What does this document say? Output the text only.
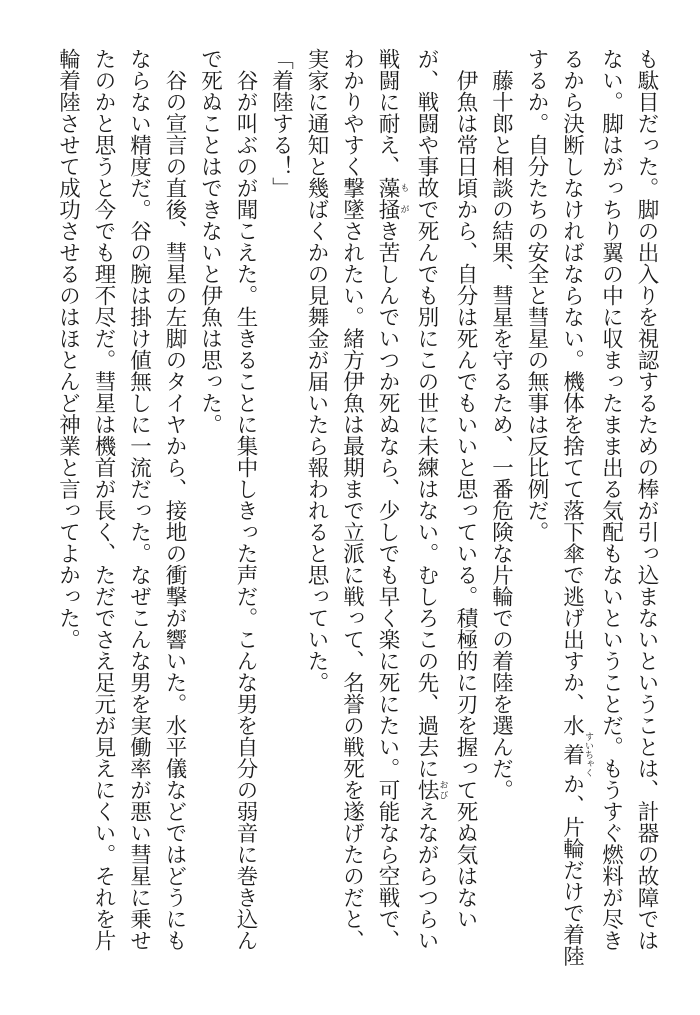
も駄目だった。脚の出入りを視認するための棒が引っ込まないということは、計器の故障では
ない。脚はがっちり翼の中に収まったまま出る気配もないということだ。もうすぐ燃料が尽き
るから決断しなければならない。機体を捨てて落下傘で逃げ出すか、水着すいちゃくか、片輪だけで着陸
するか。自分たちの安全と彗星の無事は反比例だ。
　藤十郎と相談の結果、彗星を守るため、一番危険な片輪での着陸を選んだ。
　伊魚は常日頃から、自分は死んでもいいと思っている。積極的に刃を握って死ぬ気はない
が、戦闘や事故で死んでも別にこの世に未練はない。むしろこの先、過去に怯おびえながらつらい
戦闘に耐え、藻掻もがき苦しんでいつか死ぬなら、少しでも早く楽に死にたい。可能なら空戦で、
わかりやすく撃墜されたい。緒方伊魚は最期まで立派に戦って、名誉の戦死を遂げたのだと、
実家に通知と幾ばくかの見舞金が届いたら報われると思っていた。
「着陸する！」
　谷が叫ぶのが聞こえた。生きることに集中しきった声だ。こんな男を自分の弱音に巻き込ん
で死ぬことはできないと伊魚は思った。
　谷の宣言の直後、彗星の左脚のタイヤから、接地の衝撃が響いた。水平儀などではどうにも
ならない精度だ。谷の腕は掛け値無しに一流だった。なぜこんな男を実働率が悪い彗星に乗せ
たのかと思うと今でも理不尽だ。彗星は機首が長く、ただでさえ足元が見えにくい。それを片
輪着陸させて成功させるのはほとんど神業と言ってよかった。
